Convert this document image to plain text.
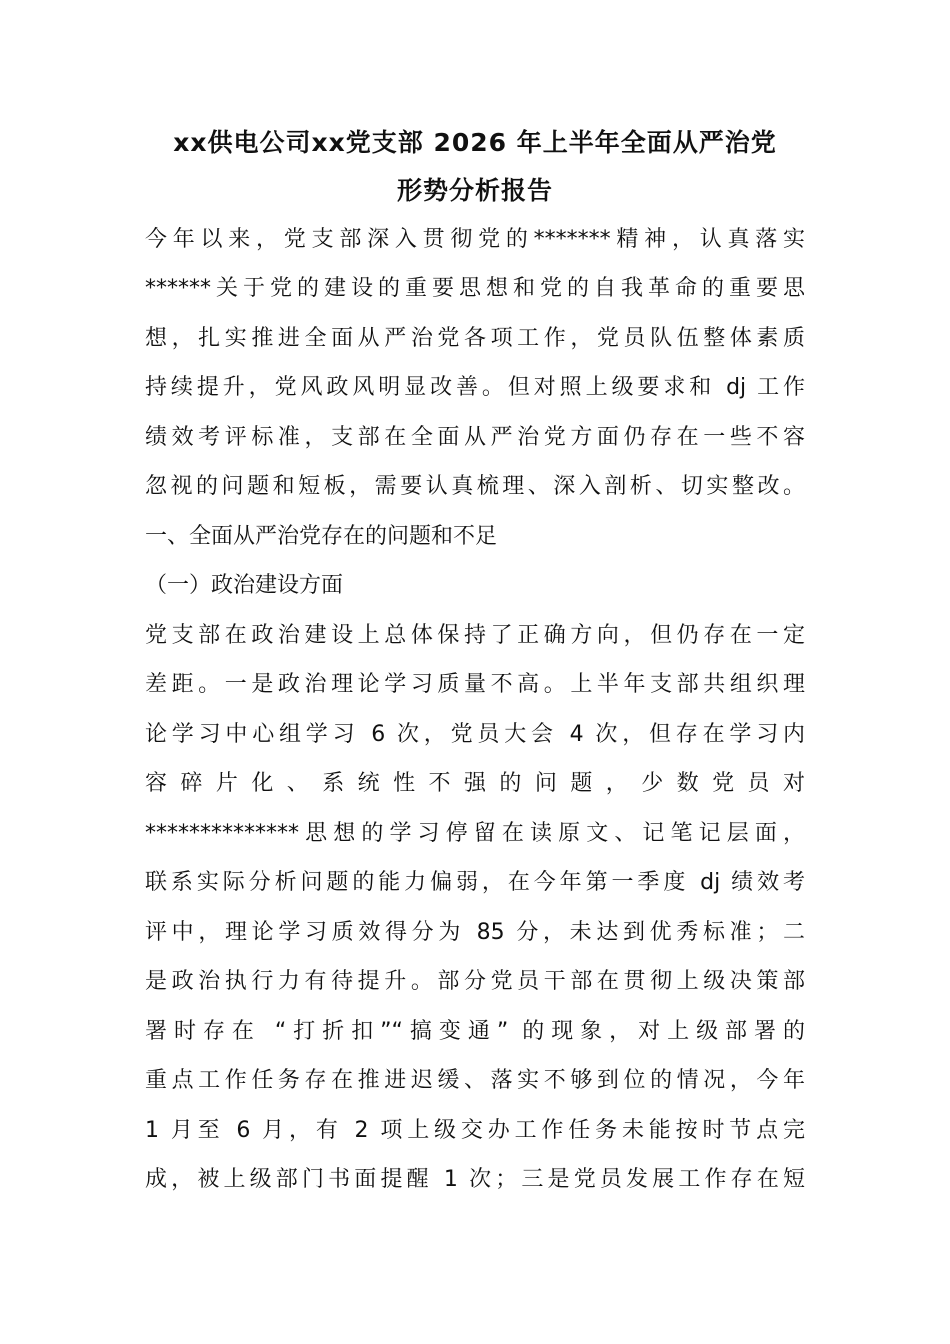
xx供电公司xx党支部 2026 年上半年全面从严治党
形势分析报告
今年以来，党支部深入贯彻党的*******精神，认真落实
******关于党的建设的重要思想和党的自我革命的重要思
想，扎实推进全面从严治党各项工作，党员队伍整体素质
持续提升，党风政风明显改善。但对照上级要求和 dj 工作
绩效考评标准，支部在全面从严治党方面仍存在一些不容
忽视的问题和短板，需要认真梳理、深入剖析、切实整改。
一、全面从严治党存在的问题和不足
（一）政治建设方面
党支部在政治建设上总体保持了正确方向，但仍存在一定
差距。一是政治理论学习质量不高。上半年支部共组织理
论学习中心组学习 6 次，党员大会 4 次，但存在学习内
容碎片化、系统性不强的问题，少数党员对
**************思想的学习停留在读原文、记笔记层面，
联系实际分析问题的能力偏弱，在今年第一季度 dj 绩效考
评中，理论学习质效得分为 85 分，未达到优秀标准；二
是政治执行力有待提升。部分党员干部在贯彻上级决策部
署时存在 “打折扣”“搞变通” 的现象，对上级部署的
重点工作任务存在推进迟缓、落实不够到位的情况，今年
1 月至 6 月，有 2 项上级交办工作任务未能按时节点完
成，被上级部门书面提醒 1 次；三是党员发展工作存在短
